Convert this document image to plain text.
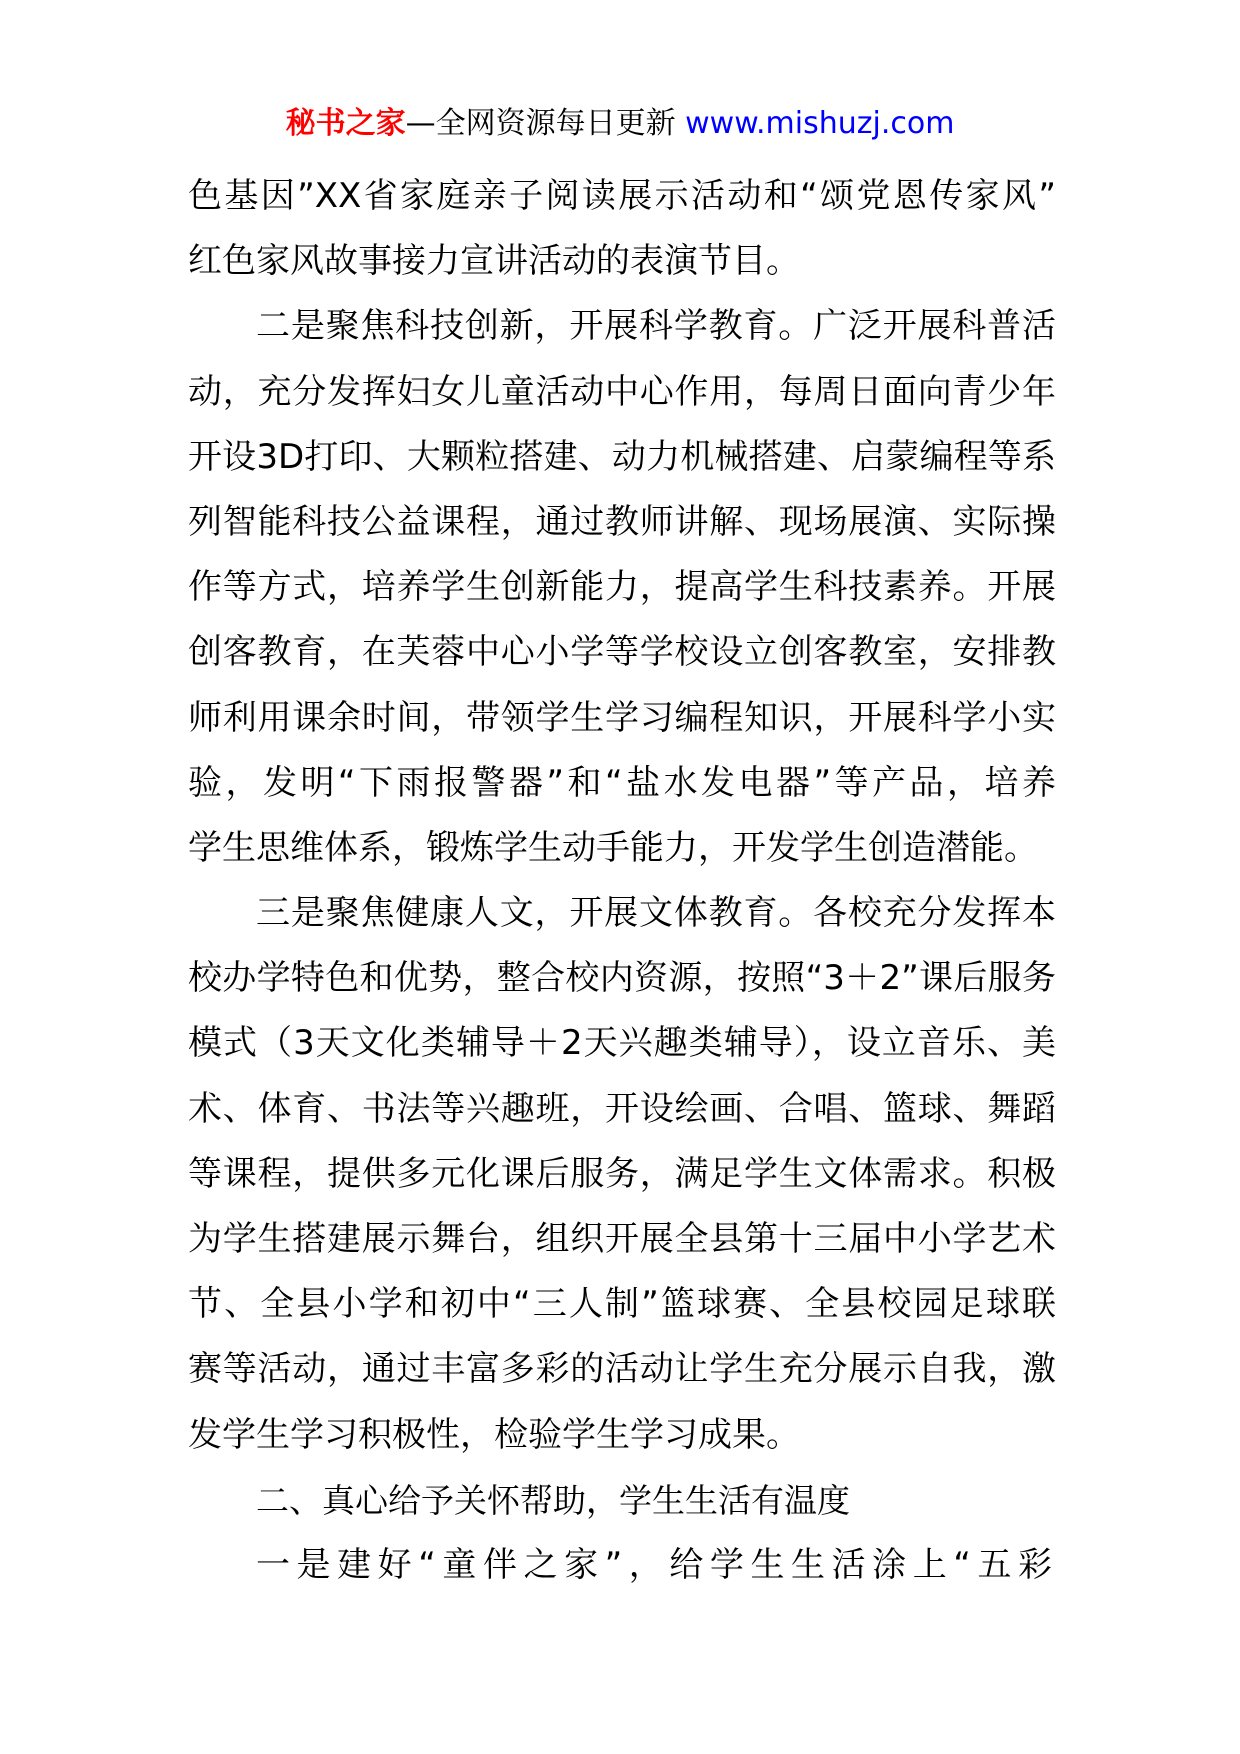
秘书之家—全网资源每日更新 www.mishuzj.com
色基因”XX省家庭亲子阅读展示活动和“颂党恩传家风”
红色家风故事接力宣讲活动的表演节目。
二是聚焦科技创新，开展科学教育。广泛开展科普活
动，充分发挥妇女儿童活动中心作用，每周日面向青少年
开设3D打印、大颗粒搭建、动力机械搭建、启蒙编程等系
列智能科技公益课程，通过教师讲解、现场展演、实际操
作等方式，培养学生创新能力，提高学生科技素养。开展
创客教育，在芙蓉中心小学等学校设立创客教室，安排教
师利用课余时间，带领学生学习编程知识，开展科学小实
验，发明“下雨报警器”和“盐水发电器”等产品，培养
学生思维体系，锻炼学生动手能力，开发学生创造潜能。
三是聚焦健康人文，开展文体教育。各校充分发挥本
校办学特色和优势，整合校内资源，按照“3＋2”课后服务
模式（3天文化类辅导＋2天兴趣类辅导），设立音乐、美
术、体育、书法等兴趣班，开设绘画、合唱、篮球、舞蹈
等课程，提供多元化课后服务，满足学生文体需求。积极
为学生搭建展示舞台，组织开展全县第十三届中小学艺术
节、全县小学和初中“三人制”篮球赛、全县校园足球联
赛等活动，通过丰富多彩的活动让学生充分展示自我，激
发学生学习积极性，检验学生学习成果。
二、真心给予关怀帮助，学生生活有温度
一是建好“童伴之家”，给学生生活涂上“五彩
